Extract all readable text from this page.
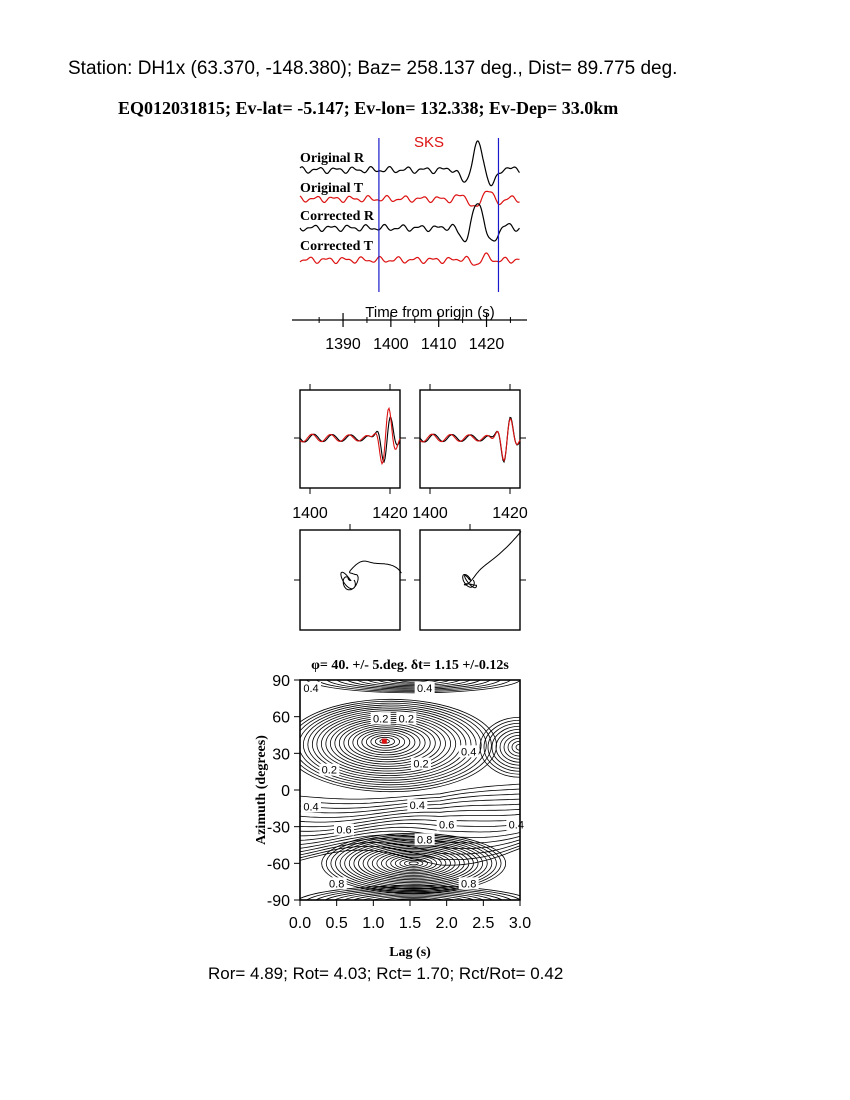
Station: DH1x (63.370, -148.380); Baz= 258.137 deg., Dist= 89.775 deg.
EQ012031815; Ev-lat= -5.147; Ev-lon= 132.338; Ev-Dep= 33.0km
Ror= 4.89; Rot= 4.03; Rct= 1.70; Rct/Rot= 0.42
SKS
Original R
Original T
Corrected R
Corrected T
Time from origin (s)
1390 1400 1410 1420
1400	1420 1400	1420
φ= 40. +/- 5.deg. δt= 1.15 +/-0.12s
0.4	0.4
0.2 0.2
0.2
0.2
0.4
0.4	0.4
0.6	0.6
0.8
0.4
0.8	0.8
0.0 0.5 1.0 1.5 2.0 2.5 3.0
90
60
30
0
-30
-60
-90
Lag (s)
Azimuth (degrees)
